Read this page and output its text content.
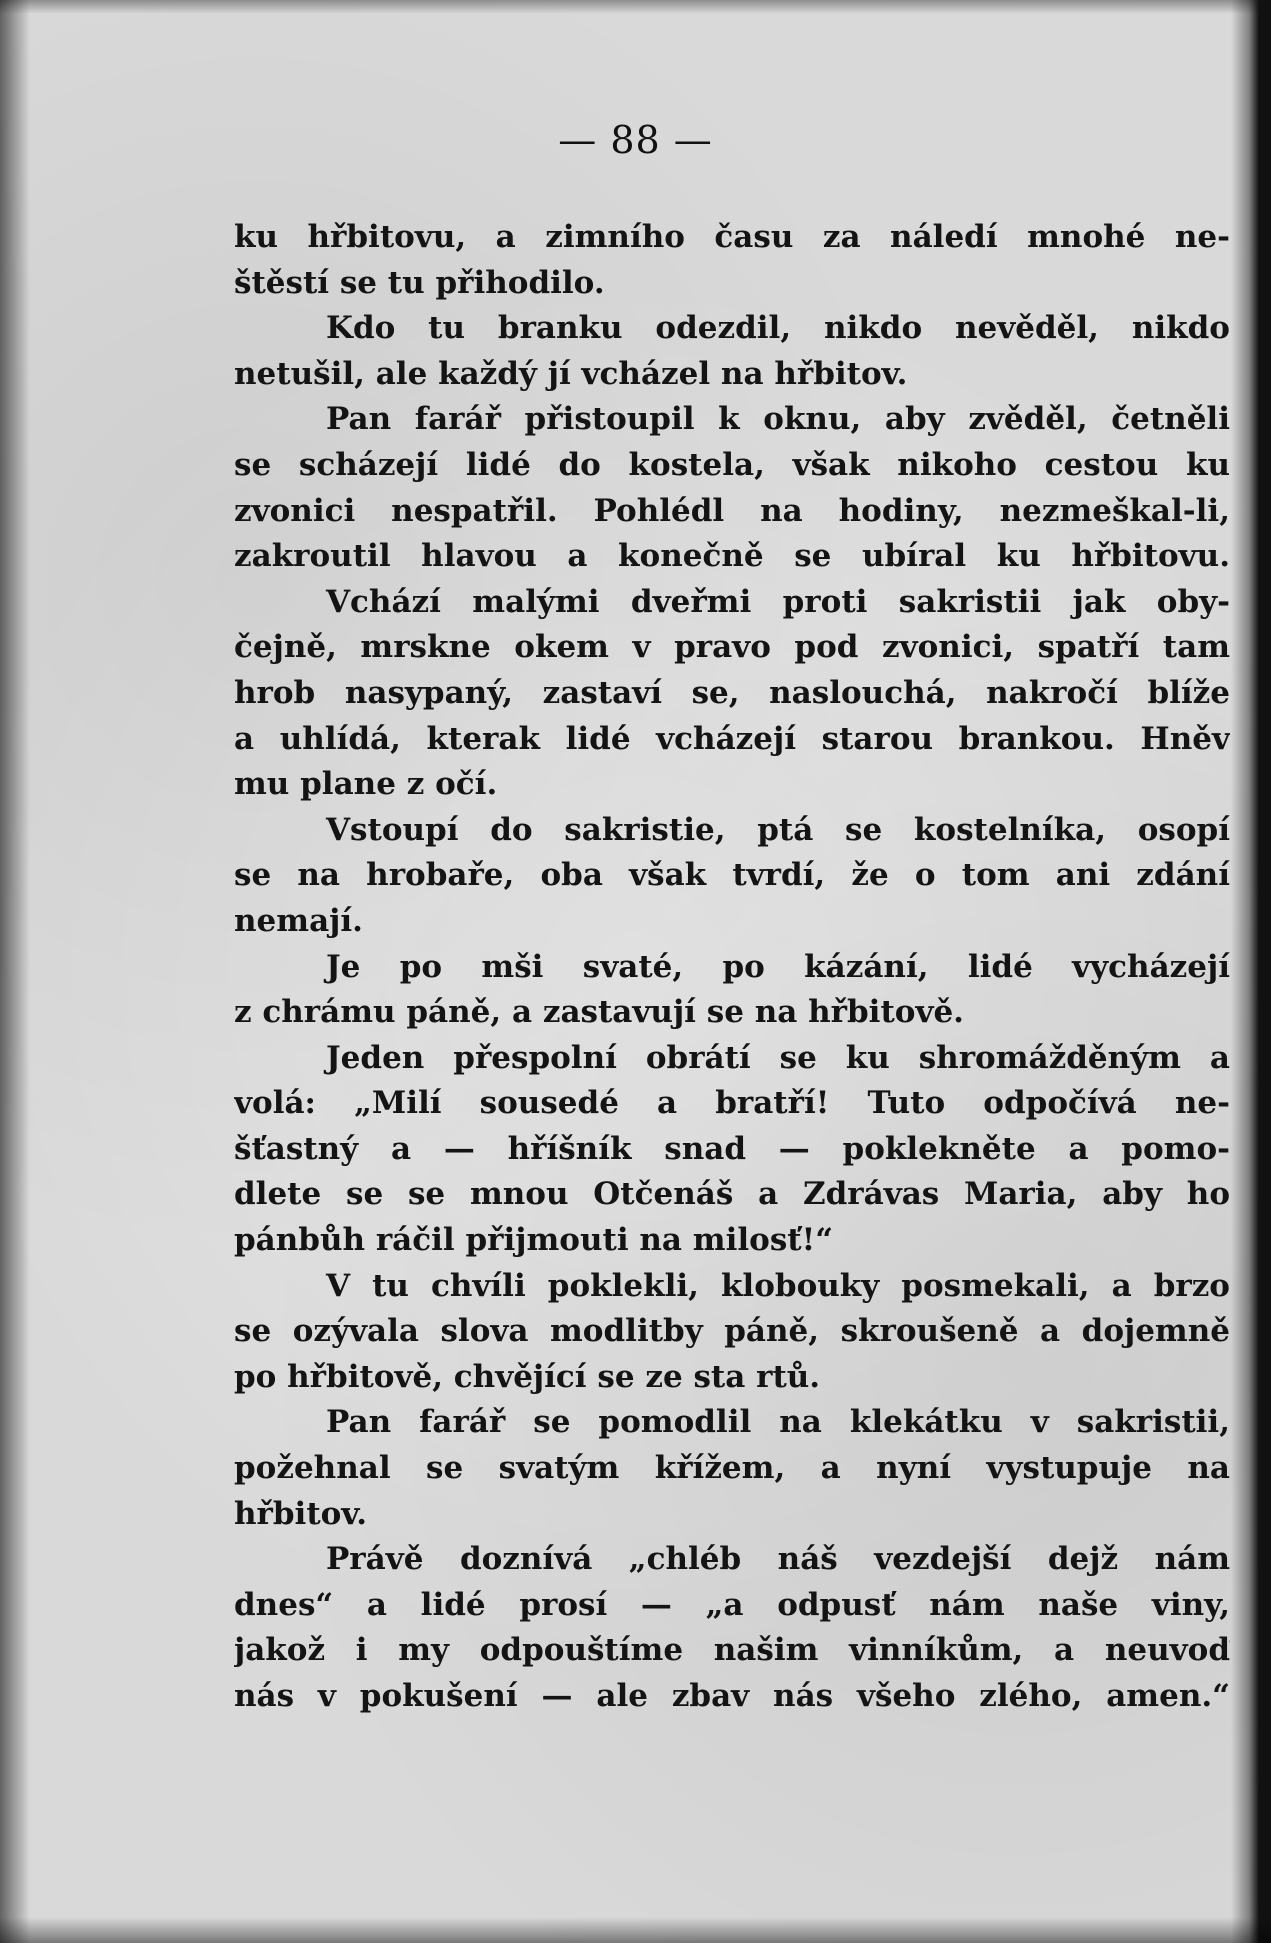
— 88 —
ku hřbitovu, a zimního času za náledí mnohé ne-
štěstí se tu přihodilo.
Kdo tu branku odezdil, nikdo nevěděl, nikdo
netušil, ale každý jí vcházel na hřbitov.
Pan farář přistoupil k oknu, aby zvěděl, četněli
se scházejí lidé do kostela, však nikoho cestou ku
zvonici nespatřil. Pohlédl na hodiny, nezmeškal-li,
zakroutil hlavou a konečně se ubíral ku hřbitovu.
Vchází malými dveřmi proti sakristii jak oby-
čejně, mrskne okem v pravo pod zvonici, spatří tam
hrob nasypaný, zastaví se, naslouchá, nakročí blíže
a uhlídá, kterak lidé vcházejí starou brankou. Hněv
mu plane z očí.
Vstoupí do sakristie, ptá se kostelníka, osopí
se na hrobaře, oba však tvrdí, že o tom ani zdání
nemají.
Je po mši svaté, po kázání, lidé vycházejí
z chrámu páně, a zastavují se na hřbitově.
Jeden přespolní obrátí se ku shromážděným a
volá: „Milí sousedé a bratří! Tuto odpočívá ne-
šťastný a — hříšník snad — poklekněte a pomo-
dlete se se mnou Otčenáš a Zdrávas Maria, aby ho
pánbůh ráčil přijmouti na milosť!“
V tu chvíli poklekli, klobouky posmekali, a brzo
se ozývala slova modlitby páně, skroušeně a dojemně
po hřbitově, chvějící se ze sta rtů.
Pan farář se pomodlil na klekátku v sakristii,
požehnal se svatým křížem, a nyní vystupuje na
hřbitov.
Právě doznívá „chléb náš vezdejší dejž nám
dnes“ a lidé prosí — „a odpusť nám naše viny,
jakož i my odpouštíme našim vinníkům, a neuvoď
nás v pokušení — ale zbav nás všeho zlého, amen.“
